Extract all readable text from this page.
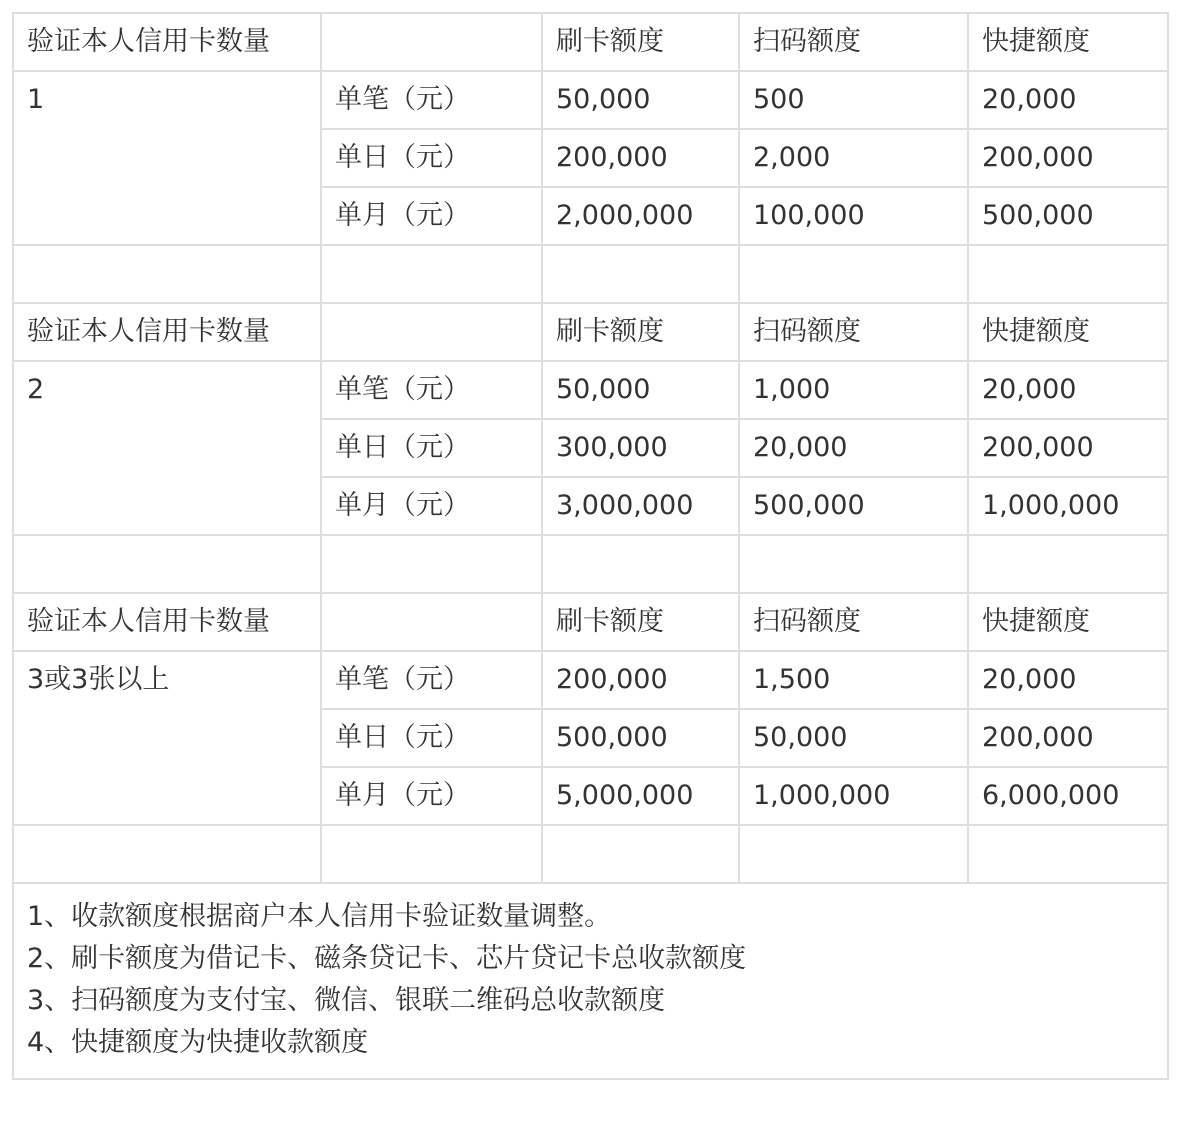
验证本人信用卡数量		刷卡额度	扫码额度	快捷额度
1	单笔（元）	50,000	500	20,000
	单日（元）	200,000	2,000	200,000
	单月（元）	2,000,000	100,000	500,000

验证本人信用卡数量		刷卡额度	扫码额度	快捷额度
2	单笔（元）	50,000	1,000	20,000
	单日（元）	300,000	20,000	200,000
	单月（元）	3,000,000	500,000	1,000,000

验证本人信用卡数量		刷卡额度	扫码额度	快捷额度
3或3张以上	单笔（元）	200,000	1,500	20,000
	单日（元）	500,000	50,000	200,000
	单月（元）	5,000,000	1,000,000	6,000,000

1、收款额度根据商户本人信用卡验证数量调整。
2、刷卡额度为借记卡、磁条贷记卡、芯片贷记卡总收款额度
3、扫码额度为支付宝、微信、银联二维码总收款额度
4、快捷额度为快捷收款额度				
